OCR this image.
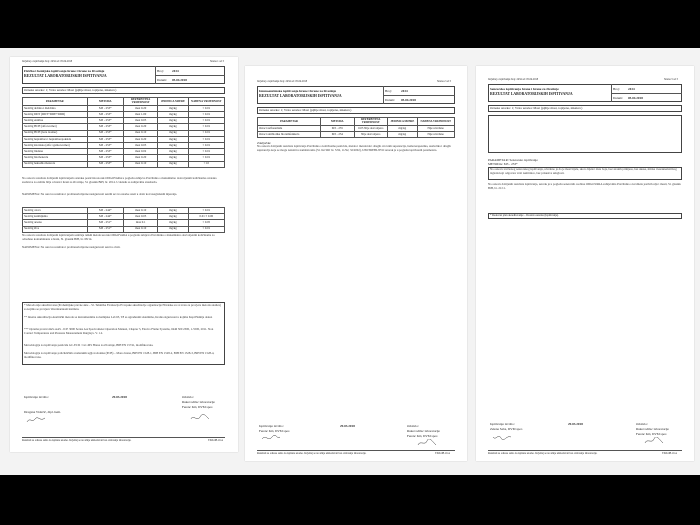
Izvještaj o ispitivanju broj: 2434 od: 05.04.2018	Strana 1 od 3
Fizička i hemijska ispitivanja hrane i hrane za životinje
REZULTAT LABORATORIJSKIH ISPITIVANJA
Broj: 2434
Datum: 05.04.2018
Oznaka uzorka: 1; Vrsta uzorka: Mast (pijlije mast, topljena, nikakvo)
PARAMETAR	METODA	REFERENTNA VRIJEDNOST	JEDINICA MJERE	NAĐENA VRIJEDNOST
Suoblig aldrina i dieldrina	M3 - 253*	max 0.20	mg/kg	< 0.01
Suoblig DDT (DDT+DDE+DDD)	M3 - 253*	max 1.00	mg/kg	< 0.01
Suoblig endrina	M3 - 253*	max 0.05	mg/kg	< 0.01
Suoblig HCH (alfa izomer)	M3 - 253*	max 0.20	mg/kg	< 0.01
Suoblig HCH (beta izomer)	M3 - 253*	max 0.10	mg/kg	< 0.01
Suoblig heptahlora i heptahlorepoksida	M3 - 253*	max 0.20	mg/kg	< 0.01
Suoblig klordana (alfa i gama izomer)	M3 - 253*	max 0.05	mg/kg	< 0.01
Suoblig lindana	M3 - 253*	max 0.02	mg/kg	< 0.01
Suoblig hlorbenzola	M3 - 253*	max 0.20	mg/kg	< 0.01
Suoblig heksahlorbenzola	M3 - 253*	max 0.10	mg/kg	< 10
Na osnovu rezultata dobijenih ispitivanjem ostataka pesticida uzorak ODGOVARA u pogledu zahtjeva Pravilnika o maksimalno dozvoljenim količinama ostataka sredstava za zaštitu bilja u hrani i hrani za životinje, Sl. glasnik BiH, br. 2014. U skladu sa zahtjevima standarda.
NAPOMENA: Na osnovu rezultata i prošireneh mjerne nesigurnosti uzetih uz sva uzorke uzeti u obzir kod usaglašenih mjerenja.
Suoblig olova	M3 - 244*	max 0.10	mg/kg	< 0.01
Suoblig kadmijuma	M3 - 244*	max 0.05	mg/kg	0.01 ± 0.00
Suoblig arsena	M3 - 251*	max 0.1	mg/kg	< 0.05
Suoblig žive	M3 - 251*	max 0.10	mg/kg	< 0.01
Na osnovu rezultata dobijenih ispitivanjem sadržaja teških metala uzorak ODGOVARA u pogledu zahtjeva Pravilnika o maksimalno dozvoljenim količinama za određene kontaminante u hrani, Sl. glasnik BiH, br. 68/14.
NAPOMENA: Na osnovu rezultata i prošireneh mjerne nesigurnosti uzeti u obzir.
* Metoda nije akreditovana (Prohemijske pravne akte – Sl. Tehnička Evaluacija Evropske akreditacije organizacije Hrvatske za sv.vrata za provjeru metoda analiza) sa kojima se provjeru Veterinarskom institutu.
** Interna Akreditacija Analitički metoda sa instrumentima za hemijska Lab 63, T8 sa ugrađenim sistemima, Kratka sigurnosni u kojima Kapi Hemija dokaz
*** Oprema proizvođača AAS - ICE 3000 Series AA Spectrometer Operation Manual, Chapter 5, Electro Flame Systems, 0446 500 2300, 1-5500, 2011. Non Contact Temperature and Pressure Measurement Rurgleys. V. 1.2.
Metodologija za ispitivanja pesticida GC-ECD / GC-MS Hrana za životinje, BIH EN 15741, modifikovana.
Metodologija za ispitivanje policikličnih aromatskih ugljovodonika (PCB) – Mono hrana, BIH EN 1528-1, BIH EN 1528-2, BIH EN 1528-3, BIH EN 1528-4, modifikovana.
Ispitivanje izvršio:
Dragana Vidačić, dipl. hem.
29.03.2018	Odobrio:
Rukovodilac laboratorije
Ferenc Kiš, DVM spec.
Rezultati se odnose samo na ispitane uzorke. Izvještaj se ne smije umnožavati bez odobrenja laboratorije.	TIM-OB.10.A
Izvještaj o ispitivanju broj: 2434 od: 05.04.2018	Strana 2 od 3
Imunoenzimska ispitivanja hrane i hrane za životinje
REZULTAT LABORATORIJSKIH ISPITIVANJA
Broj:	2434
Datum: 05.04.2018
Oznaka uzorka: 1; Vrsta uzorka: Mast (pijlije mast, topljena, nikakvo)
PARAMETAR	METODA	REFERENTNA VRIJEDNOST	JEDINICA MJERE	NAĐENA VRIJEDNOST
Ostaci sulfonamida	M3 - 255	0.05 Nije dozvoljeno	mg/kg	Nije utvrđeno
Ostaci antibiotika hloramfenikola	M3 - 254	Nije dozvoljeno	mg/kg	Nije utvrđeno
Zaključak:
Na osnovu dobijenih rezultata ispitivanja Pravilnika o količinama pesticida, metala i metaloida i drugih otrovnih supstancija, hemoterapeutika, anabolika i drugih supstancija koje se mogu nalaziti u namirnicama (Sl. list SRJ br. 5/92, 11/92, 32/2002), UPOTREBLJIVO uzorak je u pogledu ispitivanih parametara.
Ispitivanje izvršio:
Ferenc Kiš, DVM spec.
29.03.2018	Odobrio:
Rukovodilac laboratorije
Ferenc Kiš, DVM spec.
Rezultati se odnose samo na ispitane uzorke. Izvještaj se ne smije umnožavati bez odobrenja laboratorije.	TIM-OB.10.A
Izvještaj o ispitivanju broj: 2434 od: 05.04.2018	Strana 3 od 3
Senzorska ispitivanja hrane i hrane za životinje
REZULTAT LABORATORIJSKIH ISPITIVANJA
Broj: 2434
Datum: 05.04.2018
Oznaka uzorka: 1; Vrsta uzorka: Mast (pijlije mast, topljena, nikakvo)
PARAMETAR: Senzorsko ispitivanje
METODA: M3 - 253*
Na osnovu izvršenog senzorskog ispitivanja, utvrđeno je da je mast bijele, skoro bijele i žute boje, bez stranih primjesa, bez ukusa, mirisa i karakterističnog izgleda koji odgovara vrsti namirnice, bez prisustva užeglosti.
Na osnovu dobijenih rezultata ispitivanja, uzorak je u pogledu senzornih osobina ODGOVARA zahtjevima Pravilnika o kvalitetu jestivih ulja i masti, Sl. glasnik BiH, br. 21/11.
* Redovan plan akreditovanje – Dostava uzorka (Ispitivanje).
Ispitivanje izvršio:
Zelena Saba, DVM spec.
29.03.2018	Odobrio:
Rukovodilac laboratorije
Ferenc Kiš, DVM spec.
Rezultati se odnose samo na ispitane uzorke. Izvještaj se ne smije umnožavati bez odobrenja laboratorije.	TIM-OB.10.A
